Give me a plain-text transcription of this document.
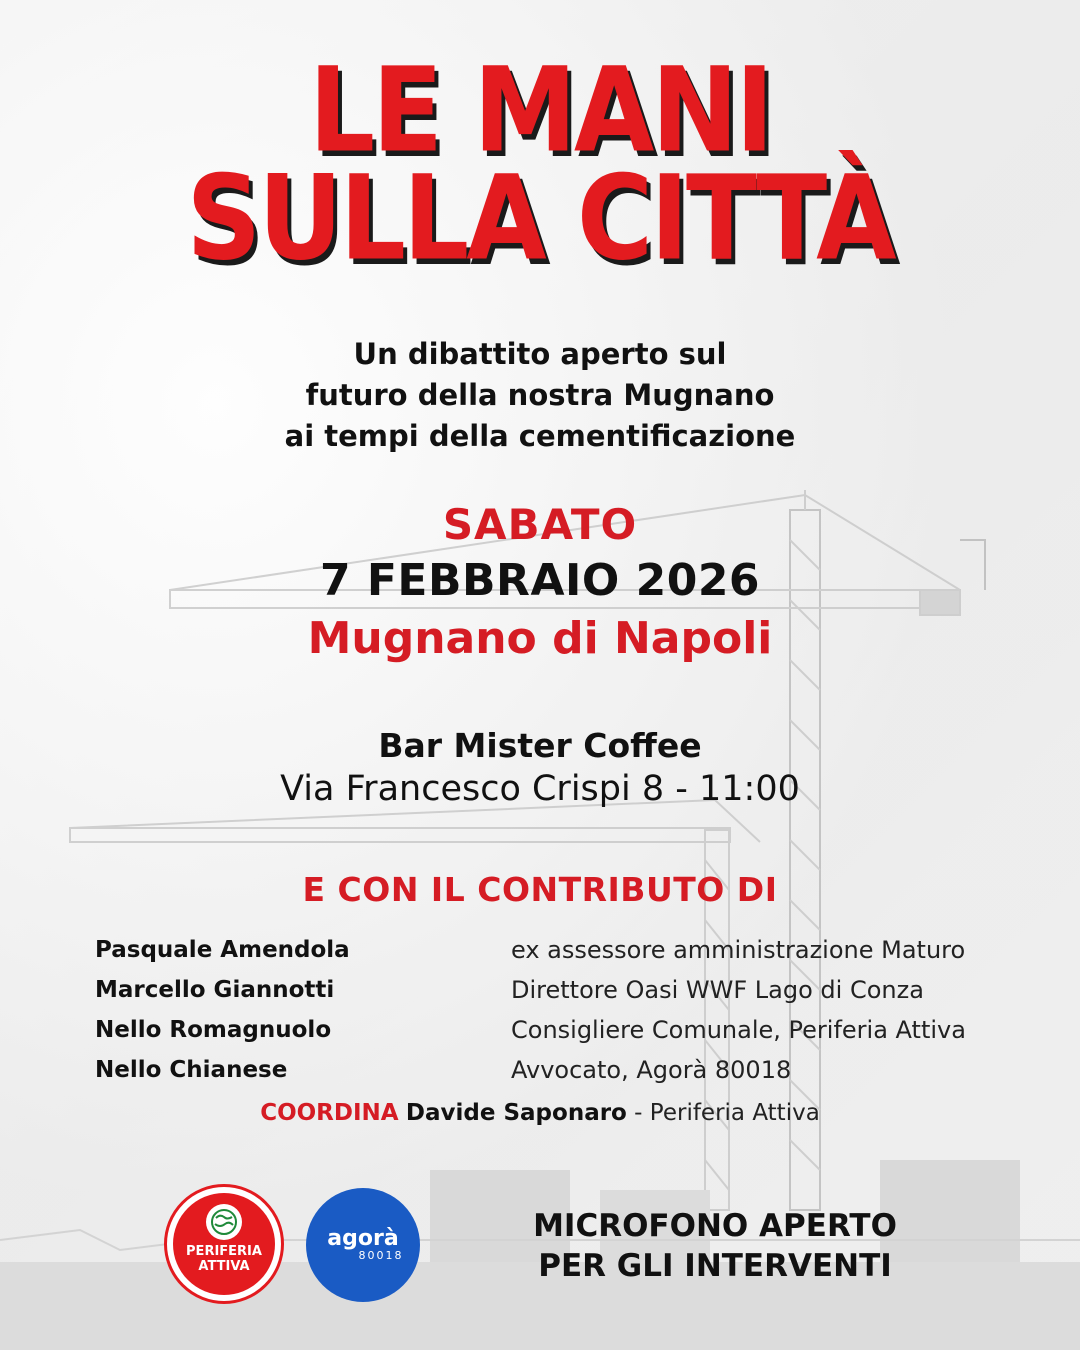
LE MANI
SULLA CITTÀ
Un dibattito aperto sul
futuro della nostra Mugnano
ai tempi della cementificazione
SABATO
7 FEBBRAIO 2026
Mugnano di Napoli
Bar Mister Coffee
Via Francesco Crispi 8 - 11:00
E CON IL CONTRIBUTO DI
Pasquale Amendola	ex assessore amministrazione Maturo
Marcello Giannotti	Direttore Oasi WWF Lago di Conza
Nello Romagnuolo	Consigliere Comunale, Periferia Attiva
Nello Chianese	Avvocato, Agorà 80018
COORDINA Davide Saponaro - Periferia Attiva
PERIFERIA
ATTIVA
agorà
80018
MICROFONO APERTO
PER GLI INTERVENTI
